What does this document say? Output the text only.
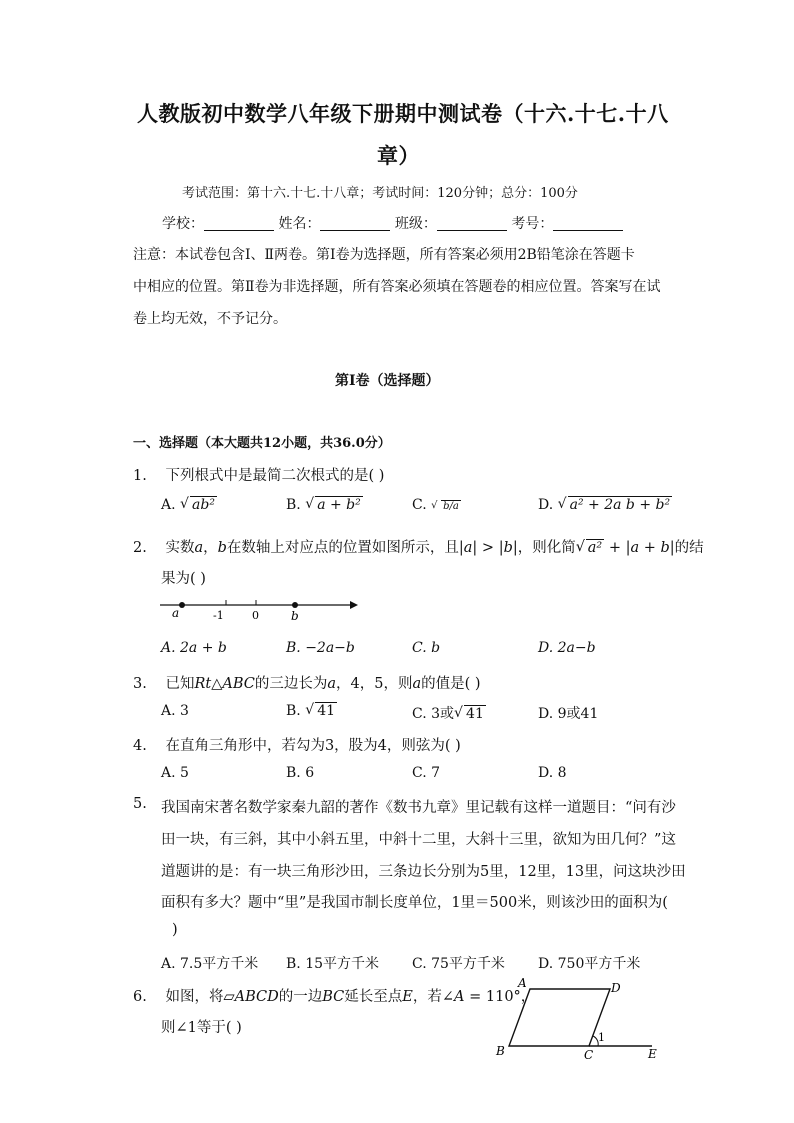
人教版初中数学八年级下册期中测试卷（十六.十七.十八
章）
考试范围：第十六.十七.十八章；考试时间：120分钟；总分：100分
学校：	姓名：	班级：	考号：
注意：本试卷包含Ⅰ、Ⅱ两卷。第Ⅰ卷为选择题，所有答案必须用2B铅笔涂在答题卡
中相应的位置。第Ⅱ卷为非选择题，所有答案必须填在答题卷的相应位置。答案写在试
卷上均无效，不予记分。
第Ⅰ卷（选择题）
一、选择题（本大题共12小题，共36.0分）
1. 下列根式中是最简二次根式的是( )
A. √ ab²	B. √ a + b²	C. √ b/a	D. √ a² + 2a b + b²
2. 实数a，b在数轴上对应点的位置如图所示，且|a| > |b|，则化简 √ a² + |a + b|的结
果为( )
a	-1	0	b
A. 2a + b	B. −2a−b	C. b	D. 2a−b
3. 已知Rt△ABC的三边长为a，4，5，则a的值是( )
A. 3	B. √ 41	C. 3或 √ 41	D. 9或41
4. 在直角三角形中，若勾为3，股为4，则弦为( )
A. 5	B. 6	C. 7	D. 8
5. 我国南宋著名数学家秦九韶的著作《数书九章》里记载有这样一道题目：“问有沙
田一块，有三斜，其中小斜五里，中斜十二里，大斜十三里，欲知为田几何？”这
道题讲的是：有一块三角形沙田，三条边长分别为5里，12里，13里，问这块沙田
面积有多大？题中“里”是我国市制长度单位，1里＝500米，则该沙田的面积为(
)
A. 7.5平方千米 B. 15平方千米 C. 75平方千米 D. 750平方千米
6. 如图，将▱ABCD的一边BC延长至点E，若∠A = 110°，
则∠1等于( )
A	D
B	C	E
1
